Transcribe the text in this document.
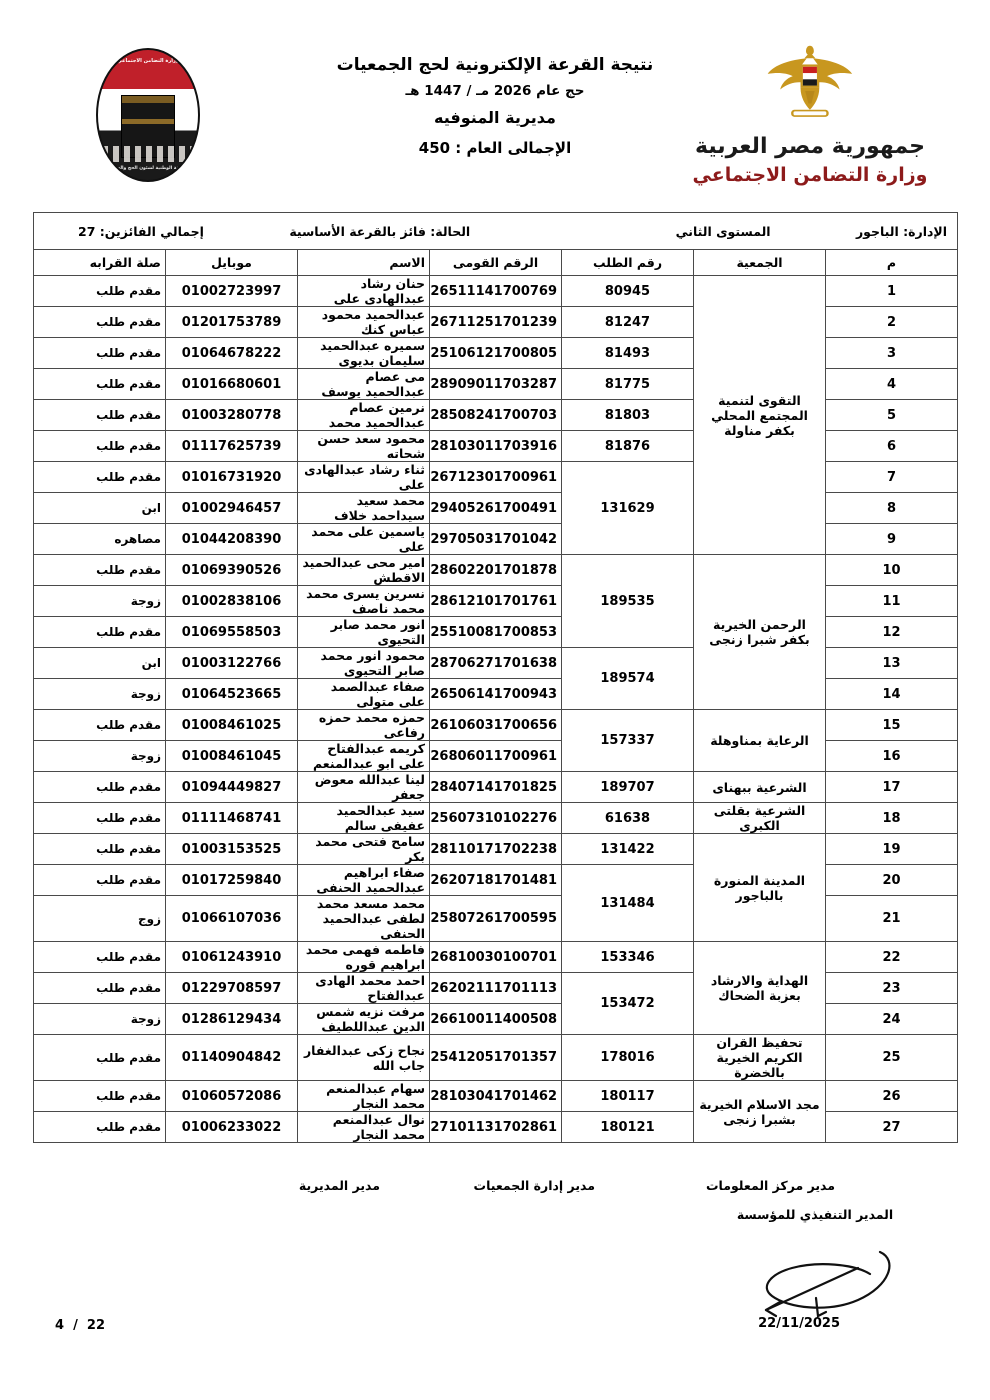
وزارة التضامن الاجتماعي
اللجنة الوطنية لشئون الحج والعمرة
نتيجة القرعة الإلكترونية لحج الجمعيات
حج عام 2026 مـ / 1447 هـ
مديرية المنوفيه
الإجمالى العام : 450	جمهورية مصر العربية
وزارة التضامن الاجتماعي
الإدارة: الباجور
المستوى الثاني
الحالة: فائز بالقرعة الأساسية
إجمالي الفائزين: 27						

م	الجمعية	رقم الطلب	الرقم القومى	الاسم	موبايل	صلة القرابه
1	التقوى لتنمية المجتمع المحلي بكفر مناولة	80945	26511141700769	حنان رشاد عبدالهادى على	01002723997	مقدم طلب
2		81247	26711251701239	عبدالحميد محمود عباس كنك	01201753789	مقدم طلب
3		81493	25106121700805	سميره عبدالحميد سليمان بديوى	01064678222	مقدم طلب
4		81775	28909011703287	مى عصام عبدالحميد يوسف	01016680601	مقدم طلب
5		81803	28508241700703	نرمين عصام عبدالحميد محمد	01003280778	مقدم طلب
6		81876	28103011703916	محمود سعد حسن شحاته	01117625739	مقدم طلب
7		131629	26712301700961	ثناء رشاد عبدالهادى على	01016731920	مقدم طلب
8			29405261700491	محمد سعيد سيداحمد خلاف	01002946457	ابن
9			29705031701042	ياسمين على محمد على	01044208390	مصاهره
10	الرحمن الخيرية بكفر شبرا زنجى	189535	28602201701878	امير محى عبدالحميد الاقطش	01069390526	مقدم طلب
11			28612101701761	نسرين يسرى محمد محمد ناصف	01002838106	زوجة
12			25510081700853	انور محمد صابر التحيوى	01069558503	مقدم طلب
13		189574	28706271701638	محمود انور محمد صابر التحيوى	01003122766	ابن
14			26506141700943	صفاء عبدالصمد على متولى	01064523665	زوجة
15	الرعاية بمناوهلة	157337	26106031700656	حمزه محمد حمزه رفاعى	01008461025	مقدم طلب
16			26806011700961	كريمه عبدالفتاح على ابو عبدالمنعم	01008461045	زوجة
17	الشرعية ببهناى	189707	28407141701825	لينا عبدالله معوض جعفر	01094449827	مقدم طلب
18	الشرعية بقلتى الكبرى	61638	25607310102276	سيد عبدالحميد عفيفى سالم	01111468741	مقدم طلب
19	المدينة المنورة بالباجور	131422	28110171702238	سامح فتحى محمد بكر	01003153525	مقدم طلب
20		131484	26207181701481	صفاء ابراهيم عبدالحميد الحنفى	01017259840	مقدم طلب
21			25807261700595	محمد مسعد محمد لطفى عبدالحميد الحنفى	01066107036	زوج
22	الهداية والارشاد بعزبة الضحاك	153346	26810030100701	فاطمه فهمى محمد ابراهيم قوره	01061243910	مقدم طلب
23		153472	26202111701113	احمد محمد الهادى عبدالفتاح	01229708597	مقدم طلب
24			26610011400508	مرفت نزيه شمس الدين عبداللطيف	01286129434	زوجة
25	تحفيظ القران الكريم الخيرية بالخضرة	178016	25412051701357	نجاح زكى عبدالغفار جاب الله	01140904842	مقدم طلب
26	مجد الاسلام الخيرية بشبرا زنجى	180117	28103041701462	سهام عبدالمنعم محمد النجار	01060572086	مقدم طلب
27		180121	27101131702861	نوال عبدالمنعم محمد النجار	01006233022	مقدم طلب
مدير المديرية	مدير إدارة الجمعيات	مدير مركز المعلومات
المدير التنفيذي للمؤسسة
22/11/2025
4 / 22
